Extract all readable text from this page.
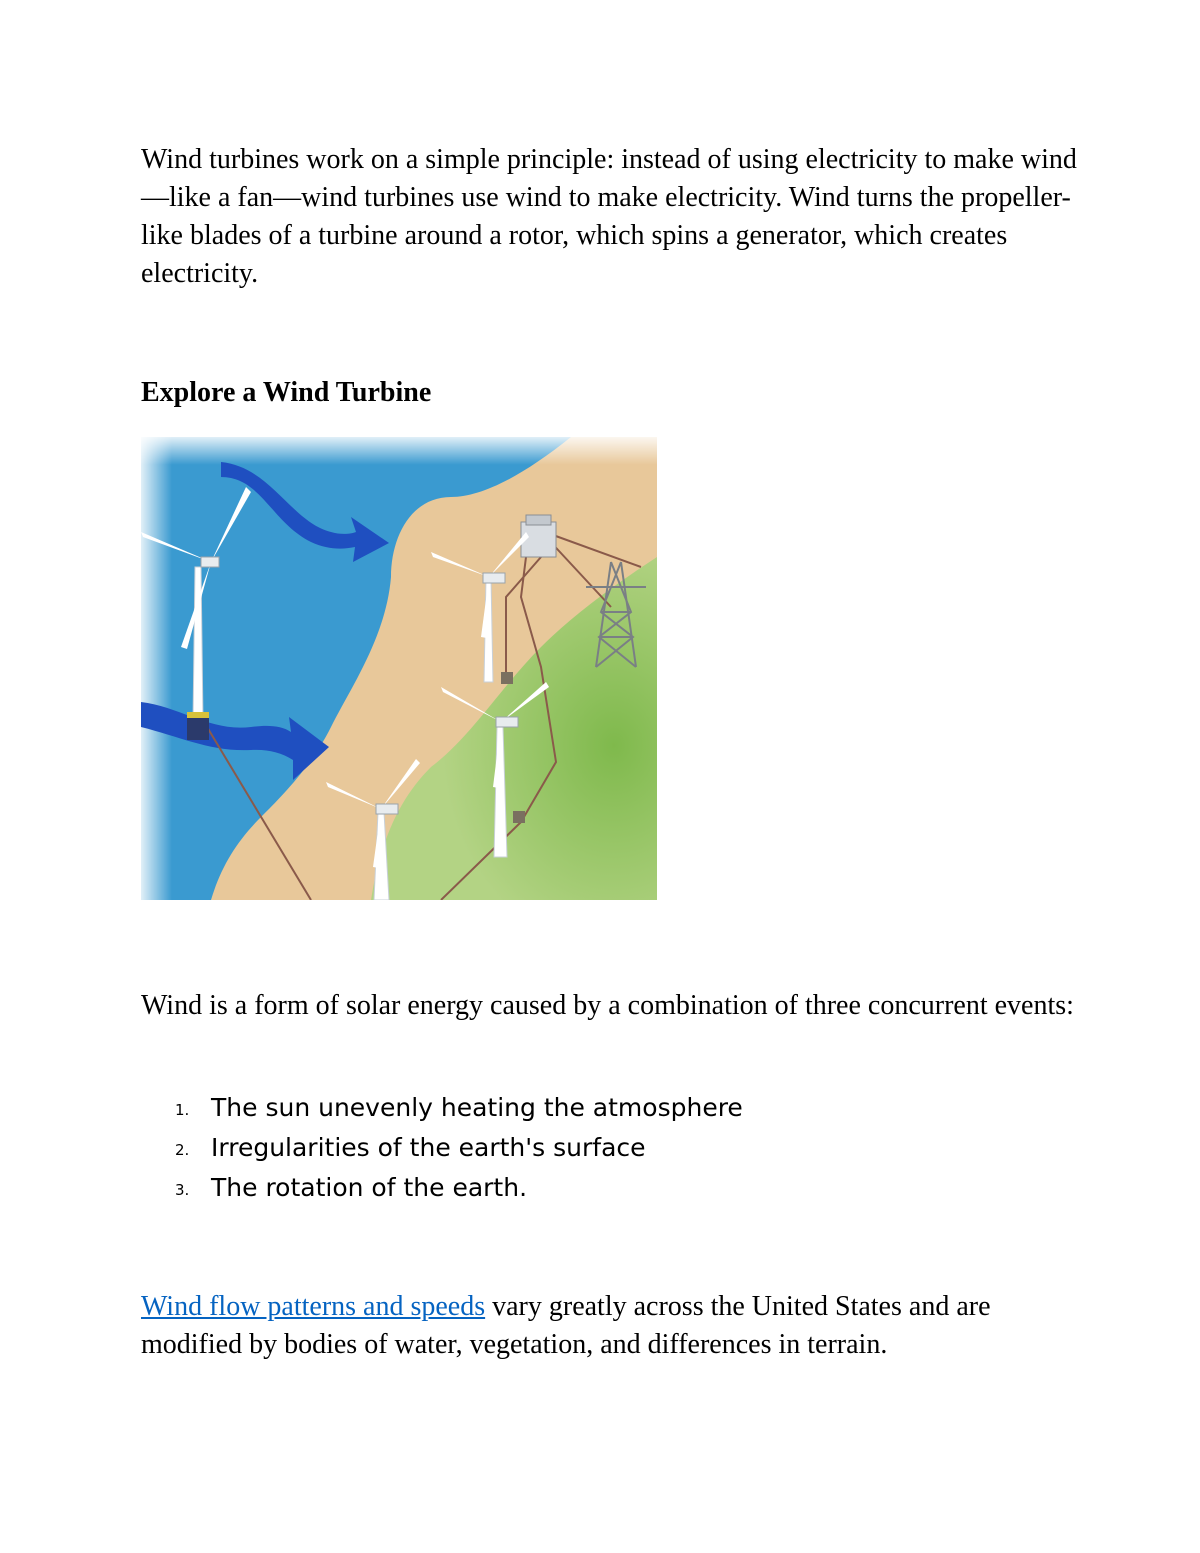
Wind turbines work on a simple principle: instead of using electricity to make wind—like a fan—wind turbines use wind to make electricity. Wind turns the propeller-like blades of a turbine around a rotor, which spins a generator, which creates electricity.

Explore a Wind Turbine

Wind is a form of solar energy caused by a combination of three concurrent events:

1. The sun unevenly heating the atmosphere
2. Irregularities of the earth's surface
3. The rotation of the earth.

Wind flow patterns and speeds vary greatly across the United States and are modified by bodies of water, vegetation, and differences in terrain.
